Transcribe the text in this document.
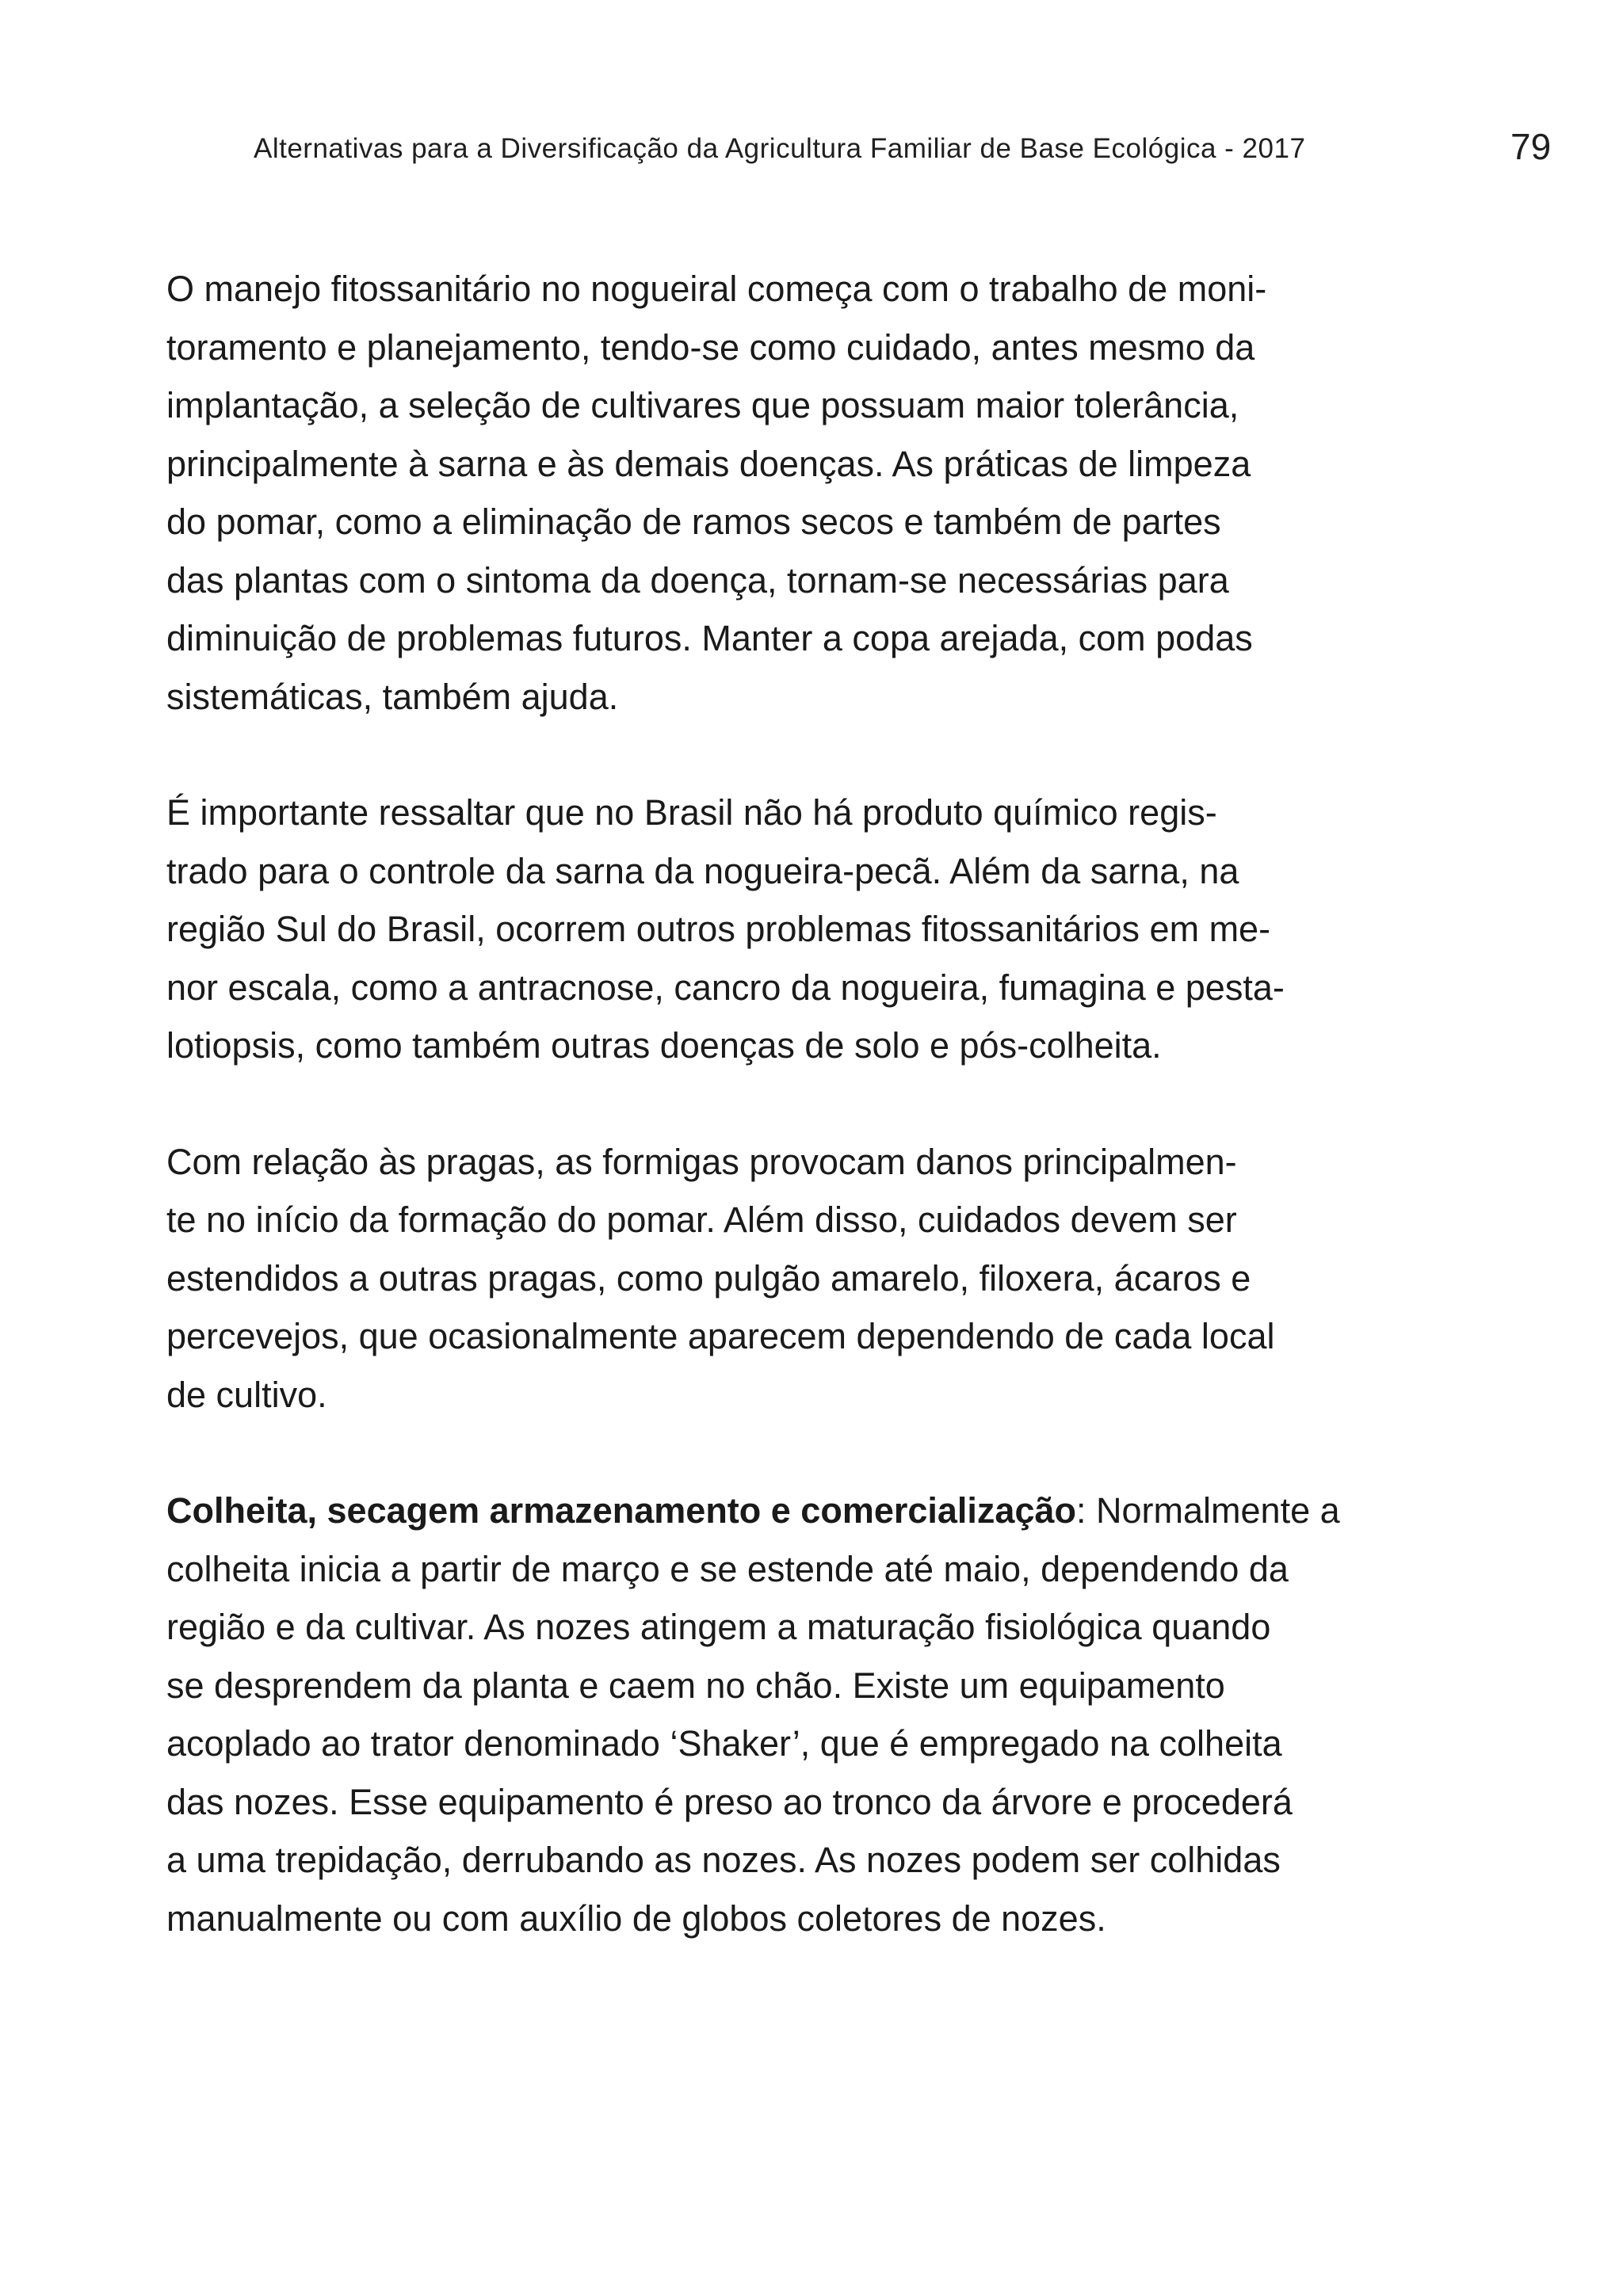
Alternativas para a Diversificação da Agricultura Familiar de Base Ecológica - 2017	79

O manejo fitossanitário no nogueiral começa com o trabalho de moni-
toramento e planejamento, tendo-se como cuidado, antes mesmo da
implantação, a seleção de cultivares que possuam maior tolerância,
principalmente à sarna e às demais doenças. As práticas de limpeza
do pomar, como a eliminação de ramos secos e também de partes
das plantas com o sintoma da doença, tornam-se necessárias para
diminuição de problemas futuros. Manter a copa arejada, com podas
sistemáticas, também ajuda.

É importante ressaltar que no Brasil não há produto químico regis-
trado para o controle da sarna da nogueira-pecã. Além da sarna, na
região Sul do Brasil, ocorrem outros problemas fitossanitários em me-
nor escala, como a antracnose, cancro da nogueira, fumagina e pesta-
lotiopsis, como também outras doenças de solo e pós-colheita.

Com relação às pragas, as formigas provocam danos principalmen-
te no início da formação do pomar. Além disso, cuidados devem ser
estendidos a outras pragas, como pulgão amarelo, filoxera, ácaros e
percevejos, que ocasionalmente aparecem dependendo de cada local
de cultivo.

Colheita, secagem armazenamento e comercialização: Normalmente a
colheita inicia a partir de março e se estende até maio, dependendo da
região e da cultivar. As nozes atingem a maturação fisiológica quando
se desprendem da planta e caem no chão. Existe um equipamento
acoplado ao trator denominado ‘Shaker’, que é empregado na colheita
das nozes. Esse equipamento é preso ao tronco da árvore e procederá
a uma trepidação, derrubando as nozes. As nozes podem ser colhidas
manualmente ou com auxílio de globos coletores de nozes.
